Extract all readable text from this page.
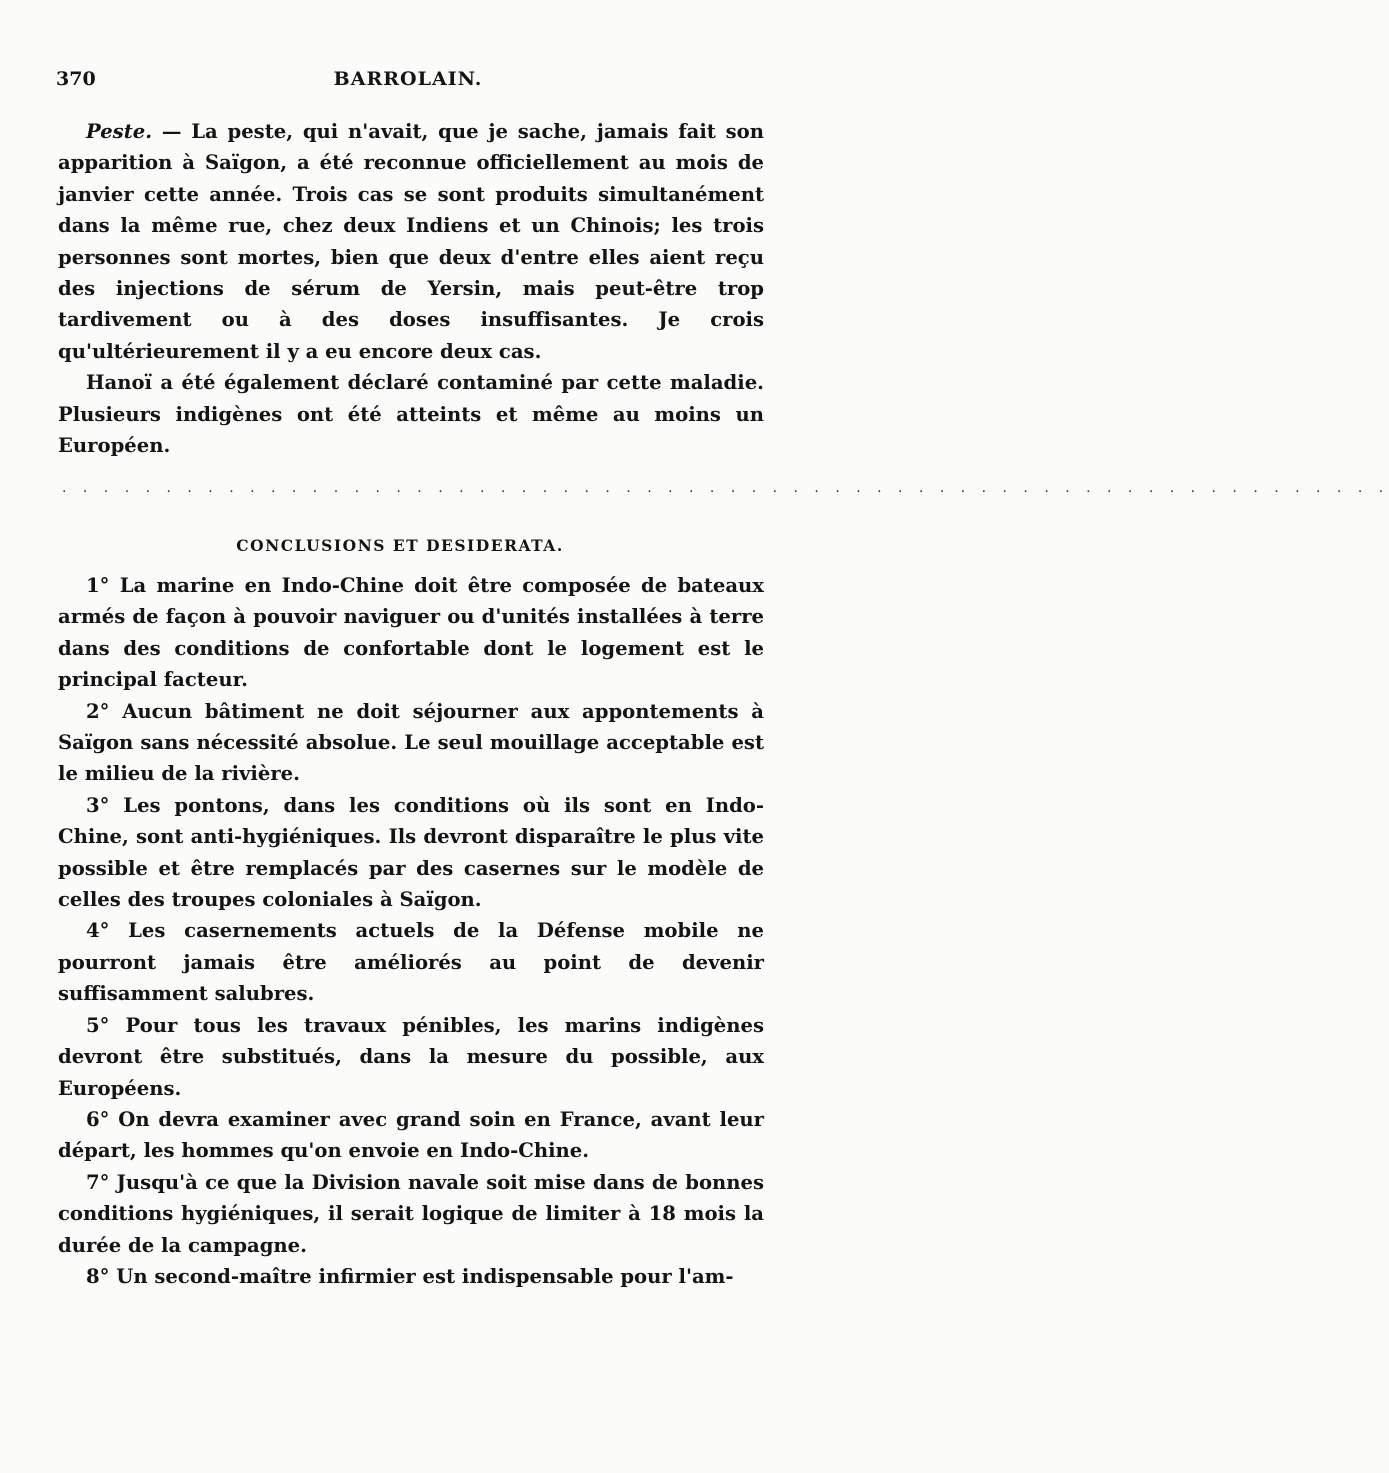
370	BARROLAIN.

Peste. — La peste, qui n'avait, que je sache, jamais fait son apparition à Saïgon, a été reconnue officiellement au mois de janvier cette année. Trois cas se sont produits simultanément dans la même rue, chez deux Indiens et un Chinois; les trois personnes sont mortes, bien que deux d'entre elles aient reçu des injections de sérum de Yersin, mais peut-être trop tardivement ou à des doses insuffisantes. Je crois qu'ultérieurement il y a eu encore deux cas.

Hanoï a été également déclaré contaminé par cette maladie. Plusieurs indigènes ont été atteints et même au moins un Européen.

. . . . . . . . . . . . . . . . . . . . . . . . . . . . . . . . . . . . . . . . . . . . . . . . . . . . . . . . . . . . . . . .
CONCLUSIONS ET DESIDERATA.

1° La marine en Indo-Chine doit être composée de bateaux armés de façon à pouvoir naviguer ou d'unités installées à terre dans des conditions de confortable dont le logement est le principal facteur.

2° Aucun bâtiment ne doit séjourner aux appontements à Saïgon sans nécessité absolue. Le seul mouillage acceptable est le milieu de la rivière.

3° Les pontons, dans les conditions où ils sont en Indo-Chine, sont anti-hygiéniques. Ils devront disparaître le plus vite possible et être remplacés par des casernes sur le modèle de celles des troupes coloniales à Saïgon.

4° Les casernements actuels de la Défense mobile ne pourront jamais être améliorés au point de devenir suffisamment salubres.

5° Pour tous les travaux pénibles, les marins indigènes devront être substitués, dans la mesure du possible, aux Européens.

6° On devra examiner avec grand soin en France, avant leur départ, les hommes qu'on envoie en Indo-Chine.

7° Jusqu'à ce que la Division navale soit mise dans de bonnes conditions hygiéniques, il serait logique de limiter à 18 mois la durée de la campagne.

8° Un second-maître infirmier est indispensable pour l'am-
